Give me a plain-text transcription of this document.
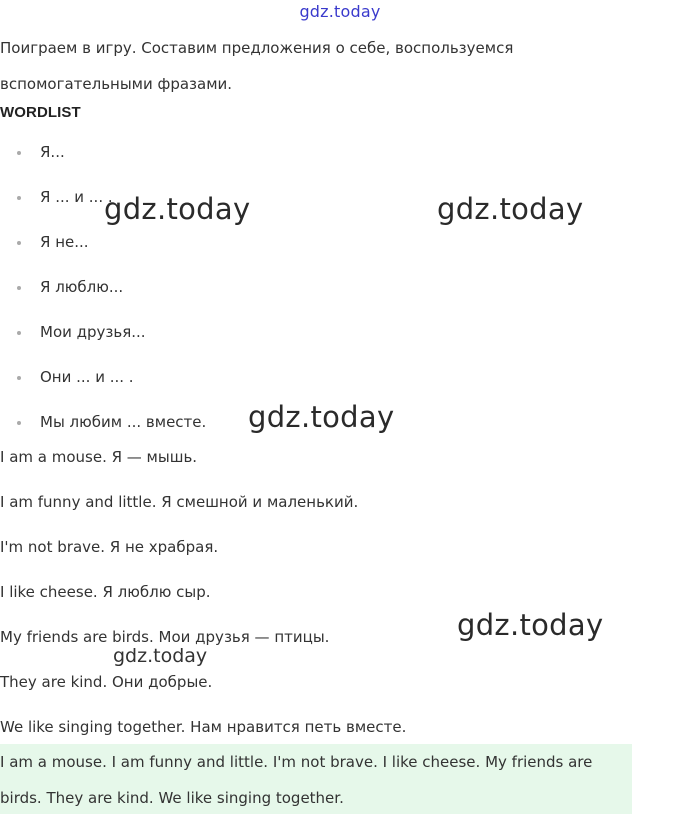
gdz.today
Поиграем в игру. Составим предложения о себе, воспользуемся вспомогательными фразами.
WORDLIST
Я...
Я ... и ... .
Я не...
Я люблю...
Мои друзья...
Они ... и ... .
Мы любим ... вместе.
I am a mouse. Я — мышь.
I am funny and little. Я смешной и маленький.
I'm not brave. Я не храбрая.
I like cheese. Я люблю сыр.
My friends are birds. Мои друзья — птицы.
They are kind. Они добрые.
We like singing together. Нам нравится петь вместе.
I am a mouse. I am funny and little. I'm not brave. I like cheese. My friends are birds. They are kind. We like singing together.
gdz.today	gdz.today
gdz.today
gdz.today
gdz.today
